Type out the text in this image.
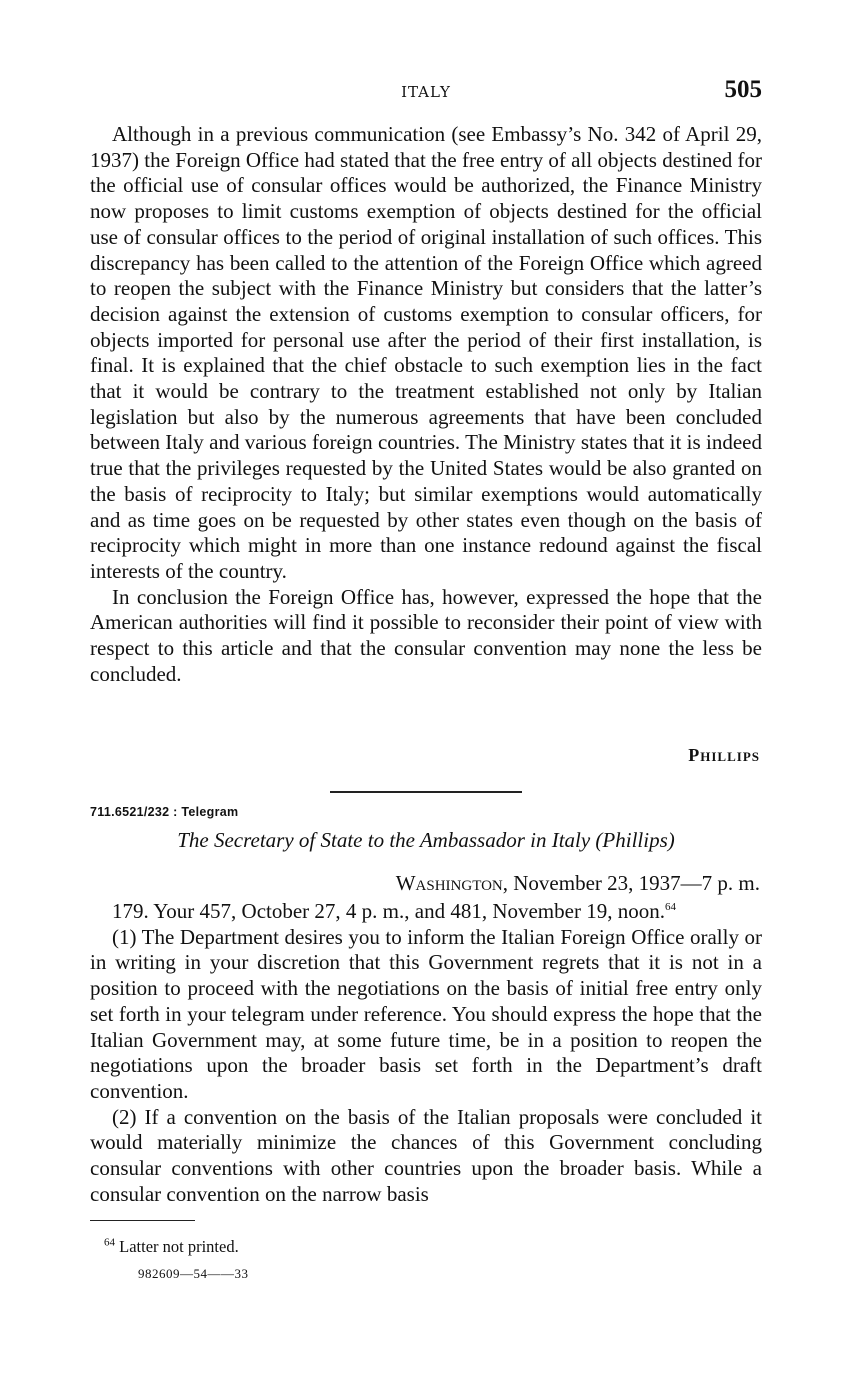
ITALY	505

Although in a previous communication (see Embassy’s No. 342 of April 29, 1937) the Foreign Office had stated that the free entry of all objects destined for the official use of consular offices would be authorized, the Finance Ministry now proposes to limit customs exemption of objects destined for the official use of consular offices to the period of original installation of such offices. This discrepancy has been called to the attention of the Foreign Office which agreed to reopen the subject with the Finance Ministry but considers that the latter’s decision against the extension of customs exemption to consular officers, for objects imported for personal use after the period of their first installation, is final. It is explained that the chief obstacle to such exemption lies in the fact that it would be contrary to the treatment established not only by Italian legislation but also by the numerous agreements that have been concluded between Italy and various foreign countries. The Ministry states that it is indeed true that the privileges requested by the United States would be also granted on the basis of reciprocity to Italy; but similar exemptions would automatically and as time goes on be requested by other states even though on the basis of reciprocity which might in more than one instance redound against the fiscal interests of the country.

In conclusion the Foreign Office has, however, expressed the hope that the American authorities will find it possible to reconsider their point of view with respect to this article and that the consular convention may none the less be concluded.

Phillips
711.6521/232 : Telegram
The Secretary of State to the Ambassador in Italy (Phillips)
Washington, November 23, 1937—7 p. m.

179. Your 457, October 27, 4 p. m., and 481, November 19, noon.$^{64}$

(1) The Department desires you to inform the Italian Foreign Office orally or in writing in your discretion that this Government regrets that it is not in a position to proceed with the negotiations on the basis of initial free entry only set forth in your telegram under reference. You should express the hope that the Italian Government may, at some future time, be in a position to reopen the negotiations upon the broader basis set forth in the Department’s draft convention.

(2) If a convention on the basis of the Italian proposals were concluded it would materially minimize the chances of this Government concluding consular conventions with other countries upon the broader basis. While a consular convention on the narrow basis

$^{64}$ Latter not printed.
982609—54——33
